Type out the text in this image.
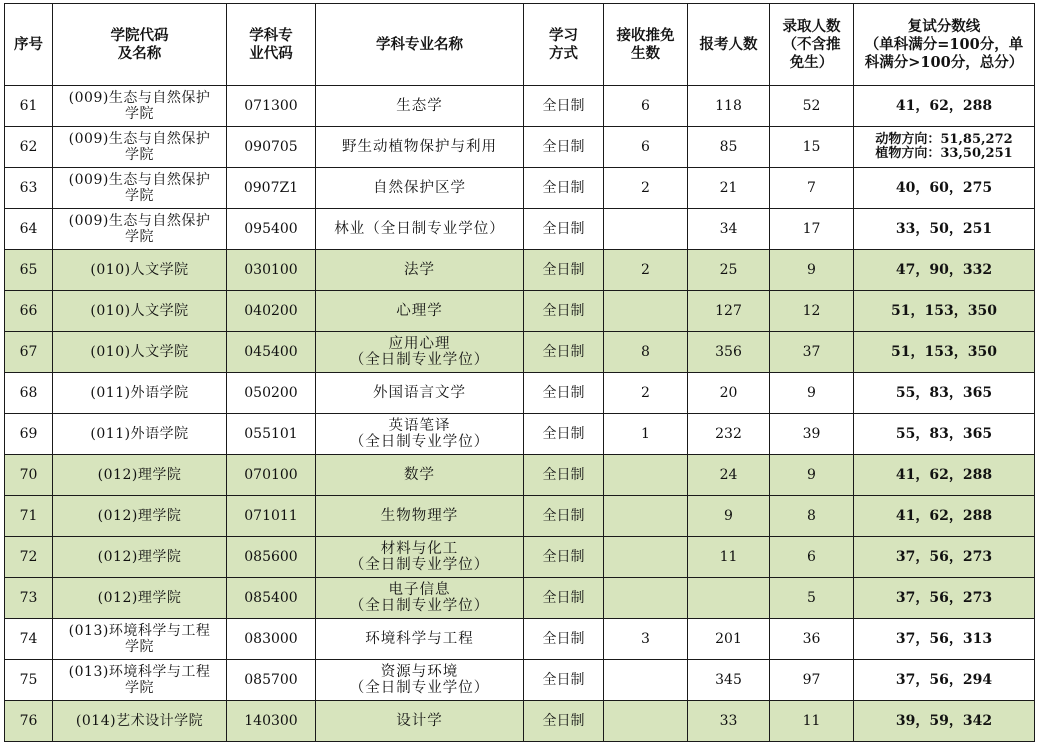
序号	学院代码
及名称	学科专
业代码	学科专业名称	学习
方式	接收推免
生数	报考人数	录取人数
（不含推
免生）	复试分数线
（单科满分=100分，单
科满分>100分，总分）

61	(009)生态与自然保护
学院	071300	生态学	全日制	6	118	52	41，62，288

62	(009)生态与自然保护
学院	090705	野生动植物保护与利用	全日制	6	85	15	动物方向：51,85,272
植物方向：33,50,251

63	(009)生态与自然保护
学院	0907Z1	自然保护区学	全日制	2	21	7	40，60，275

64	(009)生态与自然保护
学院	095400	林业（全日制专业学位）	全日制		34	17	33，50，251

65	(010)人文学院	030100	法学	全日制	2	25	9	47，90，332

66	(010)人文学院	040200	心理学	全日制		127	12	51，153，350

67	(010)人文学院	045400	应用心理
（全日制专业学位）	全日制	8	356	37	51，153，350

68	(011)外语学院	050200	外国语言文学	全日制	2	20	9	55，83，365

69	(011)外语学院	055101	英语笔译
（全日制专业学位）	全日制	1	232	39	55，83，365

70	(012)理学院	070100	数学	全日制		24	9	41，62，288

71	(012)理学院	071011	生物物理学	全日制		9	8	41，62，288

72	(012)理学院	085600	材料与化工
（全日制专业学位）	全日制		11	6	37，56，273

73	(012)理学院	085400	电子信息
（全日制专业学位）	全日制			5	37，56，273

74	(013)环境科学与工程
学院	083000	环境科学与工程	全日制	3	201	36	37，56，313

75	(013)环境科学与工程
学院	085700	资源与环境
（全日制专业学位）	全日制		345	97	37，56，294

76	(014)艺术设计学院	140300	设计学	全日制		33	11	39，59，342
